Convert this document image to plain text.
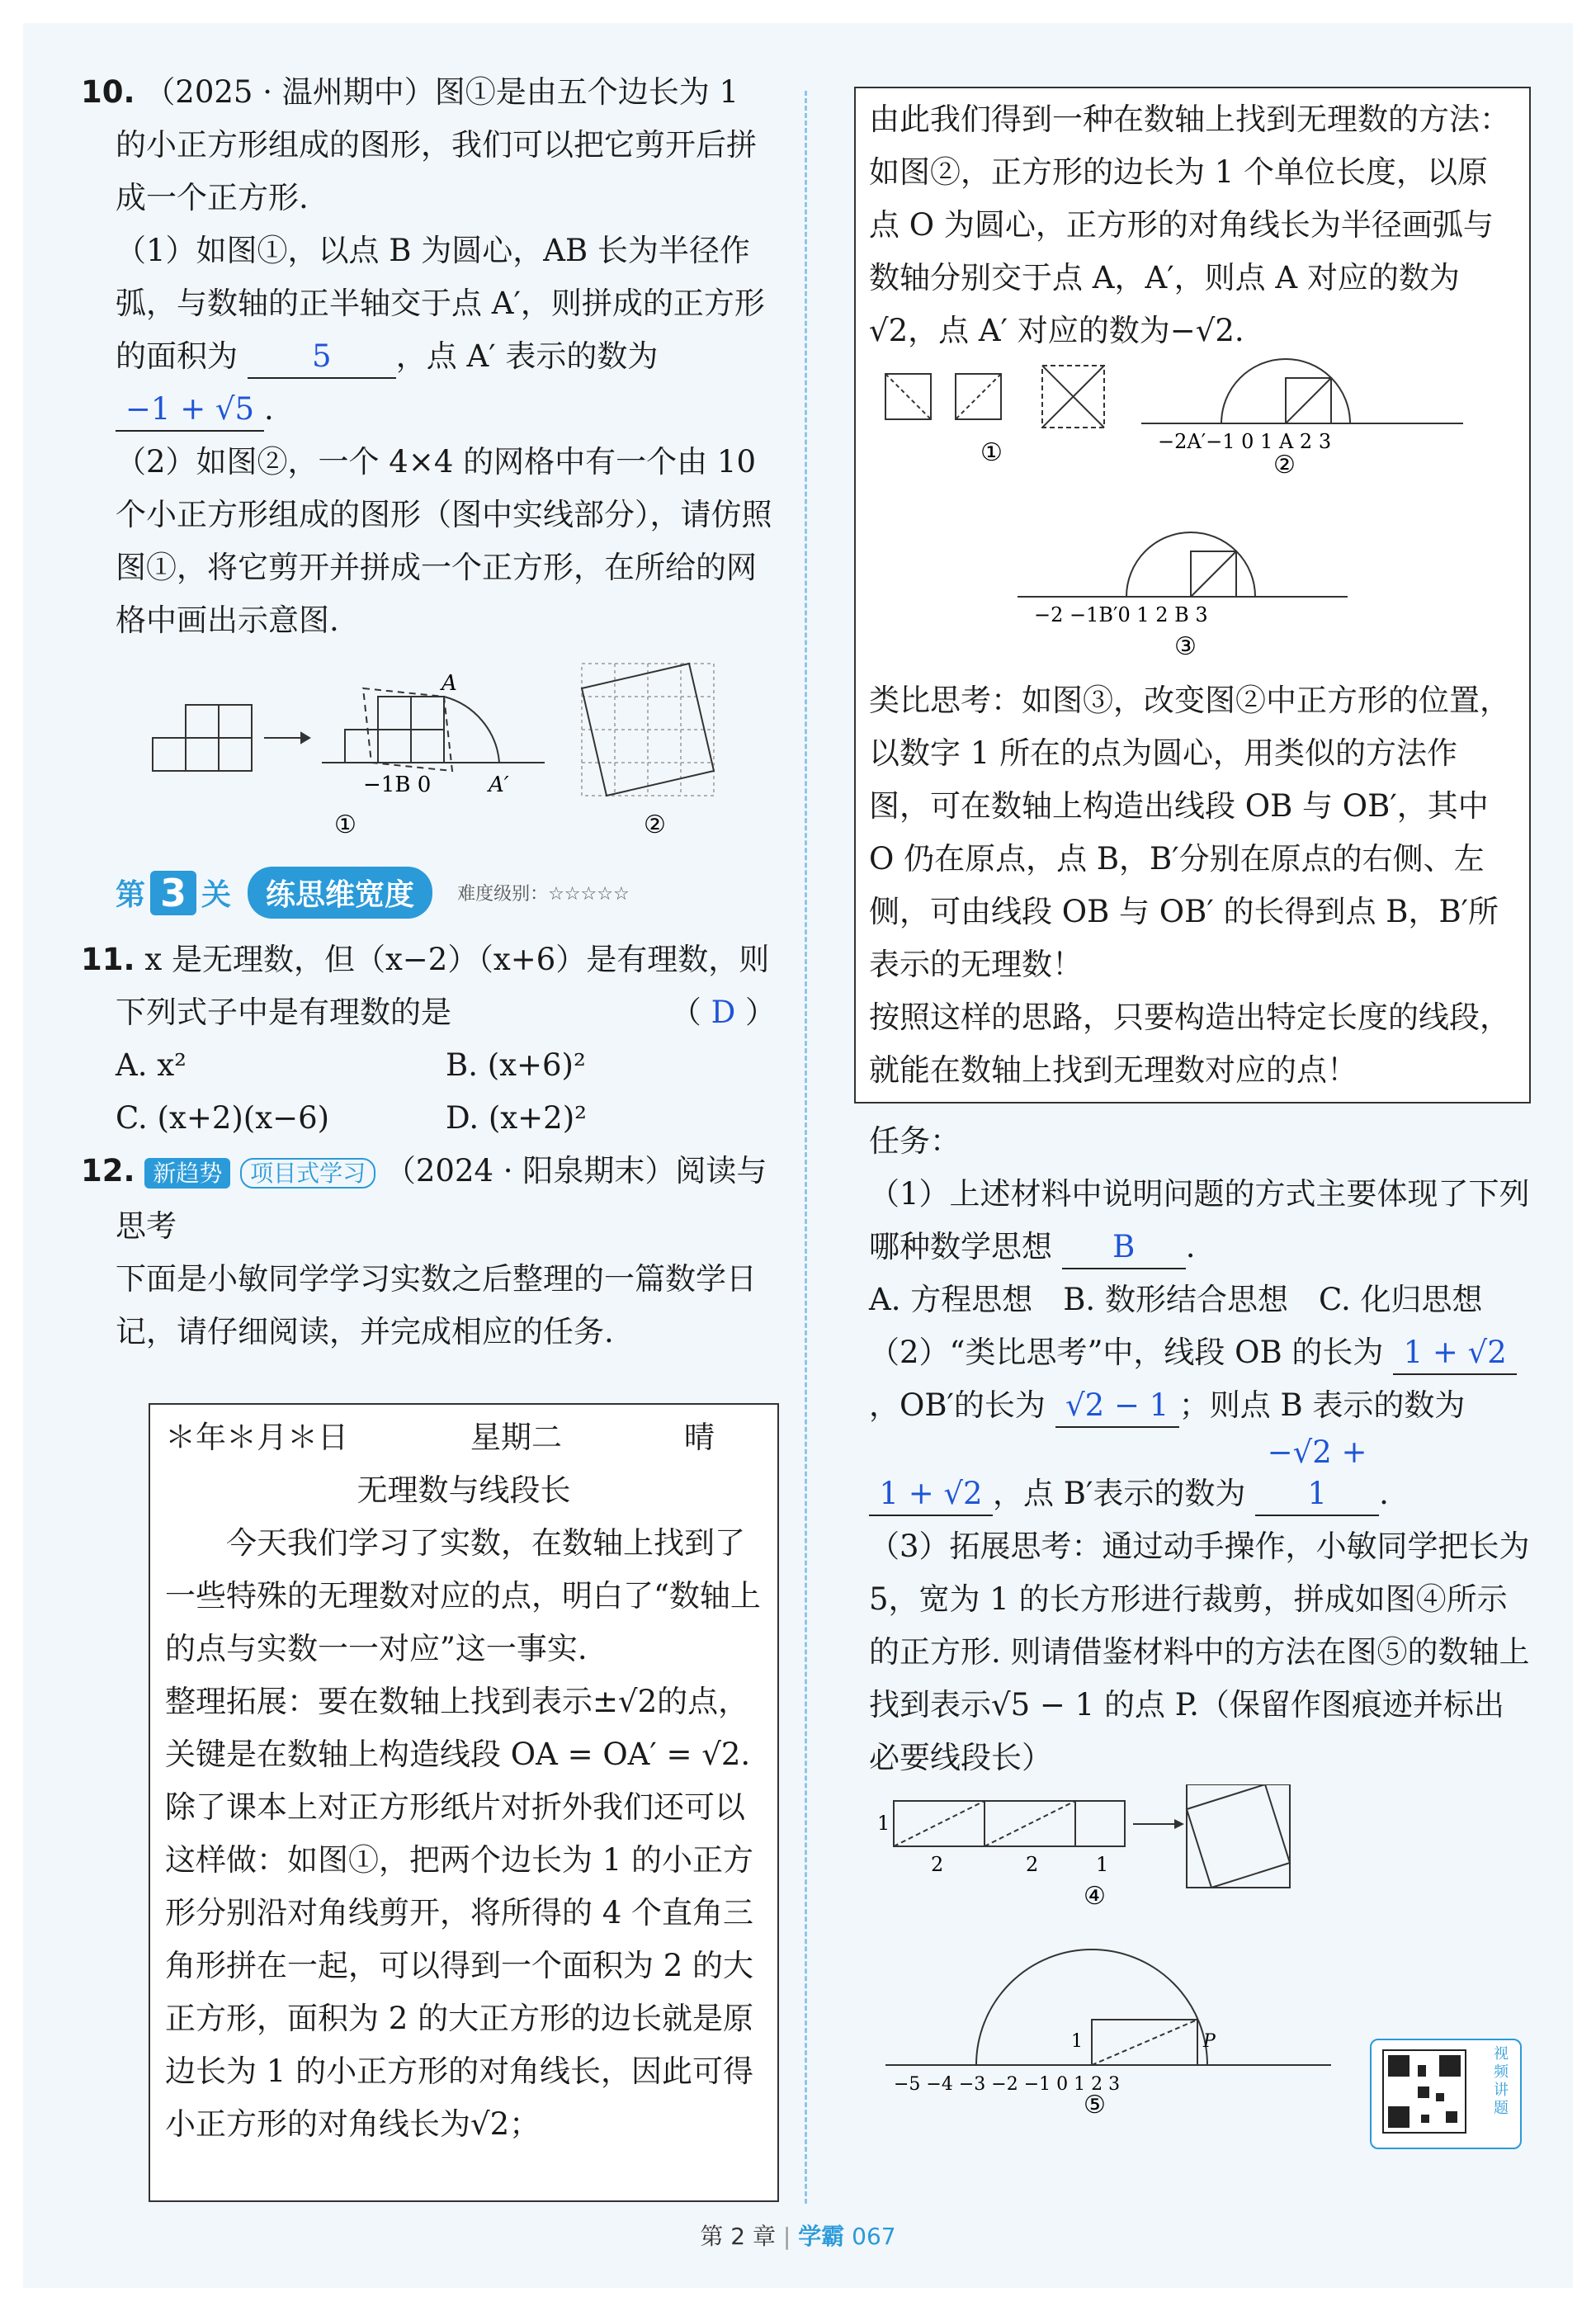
10. （2025 · 温州期中）图①是由五个边长为 1 的小正方形组成的图形，我们可以把它剪开后拼成一个正方形.

（1）如图①，以点 B 为圆心，AB 长为半径作弧，与数轴的正半轴交于点 A′，则拼成的正方形的面积为 5 ，点 A′ 表示的数为 −1 + √5 .

（2）如图②，一个 4×4 的网格中有一个由 10 个小正方形组成的图形（图中实线部分），请仿照图①，将它剪开并拼成一个正方形，在所给的网格中画出示意图.

A
−1B 0	A′
①	②
第 3 关	练思维宽度	难度级别：☆☆☆☆☆

11. x 是无理数，但（x−2）（x+6）是有理数，则下列式子中是有理数的是	（ D ）

A. x²	B. (x+6)²
C. (x+2)(x−6)	D. (x+2)²

12. 新趋势 项目式学习 （2024 · 阳泉期末）阅读与思考

下面是小敏同学学习实数之后整理的一篇数学日记，请仔细阅读，并完成相应的任务.

＊年＊月＊日　　　　星期二　　　　晴

无理数与线段长

今天我们学习了实数，在数轴上找到了一些特殊的无理数对应的点，明白了“数轴上的点与实数一一对应”这一事实.

整理拓展：要在数轴上找到表示±√2的点，关键是在数轴上构造线段 OA = OA′ = √2. 除了课本上对正方形纸片对折外我们还可以这样做：如图①，把两个边长为 1 的小正方形分别沿对角线剪开，将所得的 4 个直角三角形拼在一起，可以得到一个面积为 2 的大正方形，面积为 2 的大正方形的边长就是原边长为 1 的小正方形的对角线长，因此可得小正方形的对角线长为√2；

由此我们得到一种在数轴上找到无理数的方法：如图②，正方形的边长为 1 个单位长度，以原点 O 为圆心，正方形的对角线长为半径画弧与数轴分别交于点 A，A′，则点 A 对应的数为√2，点 A′ 对应的数为−√2.

①	−2A′−1 0 1 A 2 3
②
−2 −1B′0 1 2 B 3
③

类比思考：如图③，改变图②中正方形的位置，以数字 1 所在的点为圆心，用类似的方法作图，可在数轴上构造出线段 OB 与 OB′，其中 O 仍在原点，点 B，B′分别在原点的右侧、左侧，可由线段 OB 与 OB′ 的长得到点 B，B′所表示的无理数！

按照这样的思路，只要构造出特定长度的线段，就能在数轴上找到无理数对应的点！

任务：

（1）上述材料中说明问题的方式主要体现了下列哪种数学思想 B .

A. 方程思想　B. 数形结合思想　C. 化归思想

（2）“类比思考”中，线段 OB 的长为 1 + √2，OB′的长为 √2 − 1 ；则点 B 表示的数为 1 + √2 ，点 B′表示的数为 −√2 + 1 .

（3）拓展思考：通过动手操作，小敏同学把长为 5，宽为 1 的长方形进行裁剪，拼成如图④所示的正方形. 则请借鉴材料中的方法在图⑤的数轴上找到表示√5 − 1 的点 P.（保留作图痕迹并标出必要线段长）

1
2	2	1
④
−5 −4 −3 −2 −1 0 1 2 3
P
1
⑤
视频讲题
第 2 章 | 学霸 067
